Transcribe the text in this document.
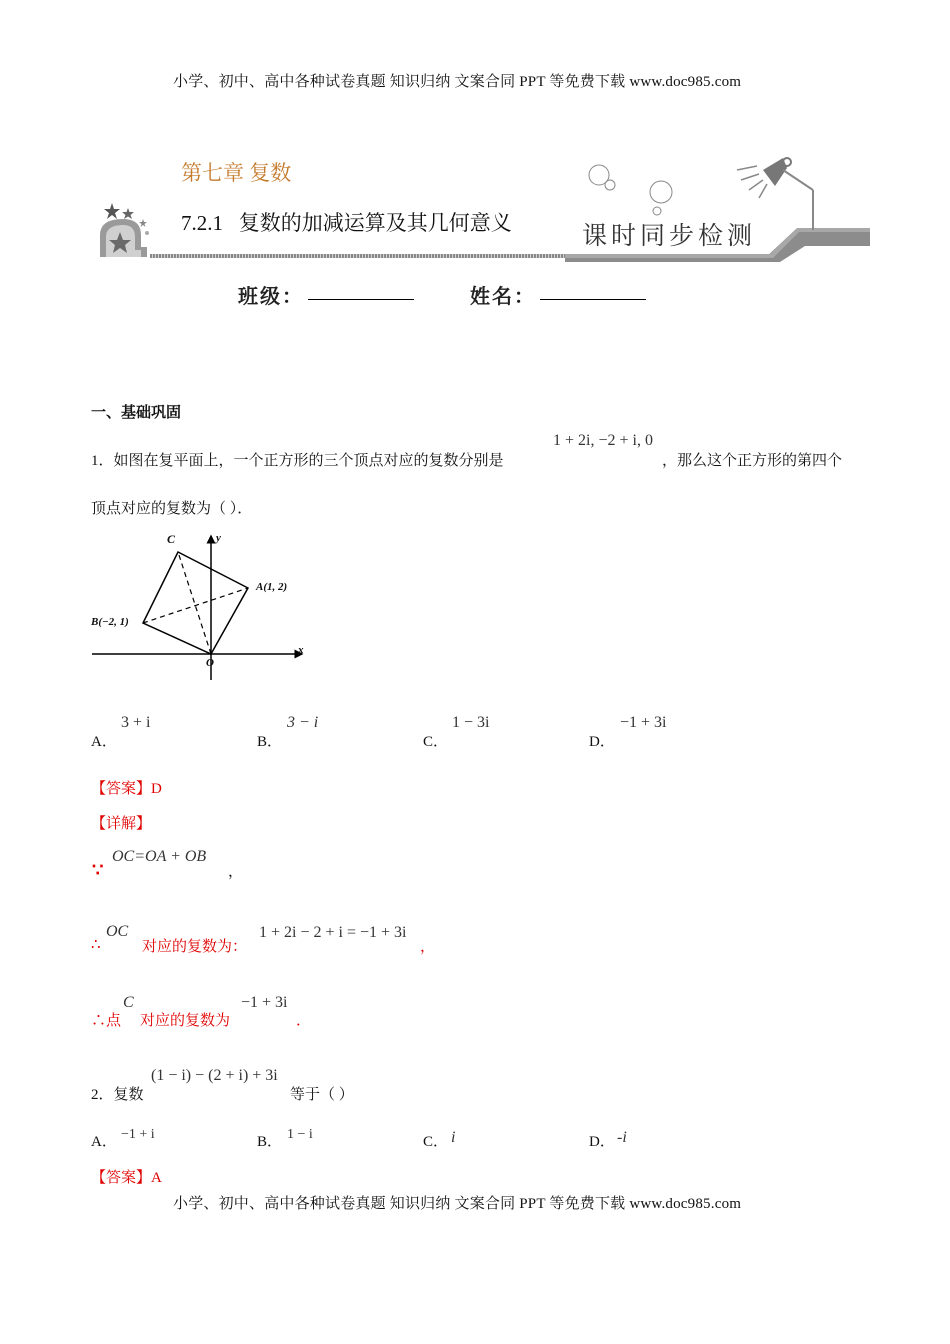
小学、初中、高中各种试卷真题 知识归纳 文案合同 PPT 等免费下载 www.doc985.com
第七章 复数
7.2.1   复数的加减运算及其几何意义	课时同步检测
班级：	姓名：
一、基础巩固
1．如图在复平面上，一个正方形的三个顶点对应的复数分别是
1 + 2i, −2 + i, 0
，那么这个正方形的第四个
顶点对应的复数为（ ）．
C	y
A(1, 2)
B(−2, 1)
O
x
A．
3 + i
B．
3 − i
C．
1 − 3i
D．
−1 + 3i
【答案】D
【详解】
∵
OC=OA + OB
，
∴
OC
对应的复数为：
1 + 2i − 2 + i = −1 + 3i
，
∴点
C
对应的复数为
−1 + 3i
．
2．复数
(1 − i) − (2 + i) + 3i
等于（ ）
A． −1 + i	B． 1 − i	C． i	D． -i
【答案】A
小学、初中、高中各种试卷真题 知识归纳 文案合同 PPT 等免费下载 www.doc985.com
